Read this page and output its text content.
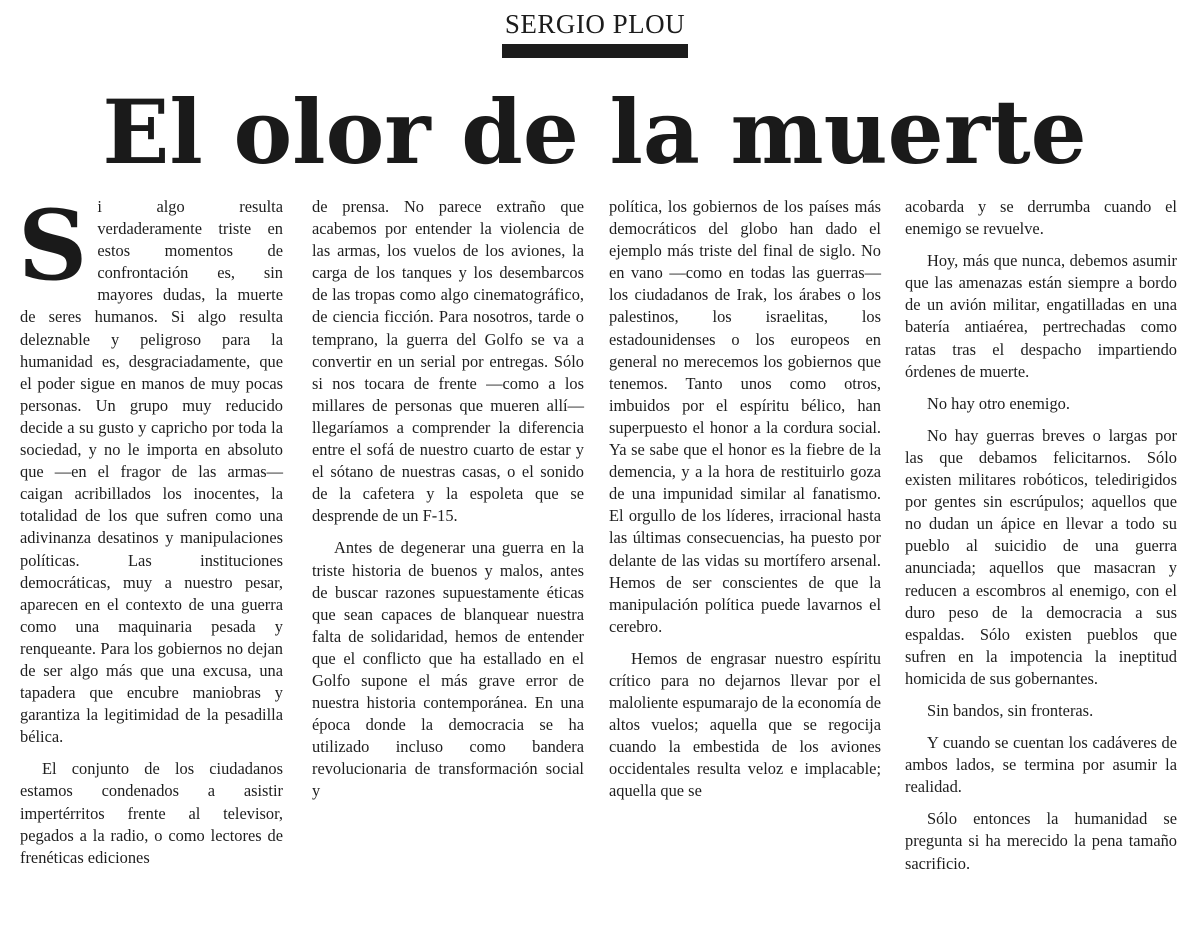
SERGIO PLOU
El olor de la muerte

Si algo resulta verdaderamente triste en estos momentos de confrontación es, sin mayores dudas, la muerte de seres humanos. Si algo resulta deleznable y peligroso para la humanidad es, desgraciadamente, que el poder sigue en manos de muy pocas personas. Un grupo muy reducido decide a su gusto y capricho por toda la sociedad, y no le importa en absoluto que —en el fragor de las armas— caigan acribillados los inocentes, la totalidad de los que sufren como una adivinanza desatinos y manipulaciones políticas. Las instituciones democráticas, muy a nuestro pesar, aparecen en el contexto de una guerra como una maquinaria pesada y renqueante. Para los gobiernos no dejan de ser algo más que una excusa, una tapadera que encubre maniobras y garantiza la legitimidad de la pesadilla bélica.

El conjunto de los ciudadanos estamos condenados a asistir impertérritos frente al televisor, pegados a la radio, o como lectores de frenéticas ediciones

de prensa. No parece extraño que acabemos por entender la violencia de las armas, los vuelos de los aviones, la carga de los tanques y los desembarcos de las tropas como algo cinematográfico, de ciencia ficción. Para nosotros, tarde o temprano, la guerra del Golfo se va a convertir en un serial por entregas. Sólo si nos tocara de frente —como a los millares de personas que mueren allí— llegaríamos a comprender la diferencia entre el sofá de nuestro cuarto de estar y el sótano de nuestras casas, o el sonido de la cafetera y la espoleta que se desprende de un F-15.

Antes de degenerar una guerra en la triste historia de buenos y malos, antes de buscar razones supuestamente éticas que sean capaces de blanquear nuestra falta de solidaridad, hemos de entender que el conflicto que ha estallado en el Golfo supone el más grave error de nuestra historia contemporánea. En una época donde la democracia se ha utilizado incluso como bandera revolucionaria de transformación social y

política, los gobiernos de los países más democráticos del globo han dado el ejemplo más triste del final de siglo. No en vano —como en todas las guerras— los ciudadanos de Irak, los árabes o los palestinos, los israelitas, los estadounidenses o los europeos en general no merecemos los gobiernos que tenemos. Tanto unos como otros, imbuidos por el espíritu bélico, han superpuesto el honor a la cordura social. Ya se sabe que el honor es la fiebre de la demencia, y a la hora de restituirlo goza de una impunidad similar al fanatismo. El orgullo de los líderes, irracional hasta las últimas consecuencias, ha puesto por delante de las vidas su mortífero arsenal. Hemos de ser conscientes de que la manipulación política puede lavarnos el cerebro.

Hemos de engrasar nuestro espíritu crítico para no dejarnos llevar por el maloliente espumarajo de la economía de altos vuelos; aquella que se regocija cuando la embestida de los aviones occidentales resulta veloz e implacable; aquella que se

acobarda y se derrumba cuando el enemigo se revuelve.

Hoy, más que nunca, debemos asumir que las amenazas están siempre a bordo de un avión militar, engatilladas en una batería antiaérea, pertrechadas como ratas tras el despacho impartiendo órdenes de muerte.

No hay otro enemigo.

No hay guerras breves o largas por las que debamos felicitarnos. Sólo existen militares robóticos, teledirigidos por gentes sin escrúpulos; aquellos que no dudan un ápice en llevar a todo su pueblo al suicidio de una guerra anunciada; aquellos que masacran y reducen a escombros al enemigo, con el duro peso de la democracia a sus espaldas. Sólo existen pueblos que sufren en la impotencia la ineptitud homicida de sus gobernantes.

Sin bandos, sin fronteras.

Y cuando se cuentan los cadáveres de ambos lados, se termina por asumir la realidad.

Sólo entonces la humanidad se pregunta si ha merecido la pena tamaño sacrificio.
